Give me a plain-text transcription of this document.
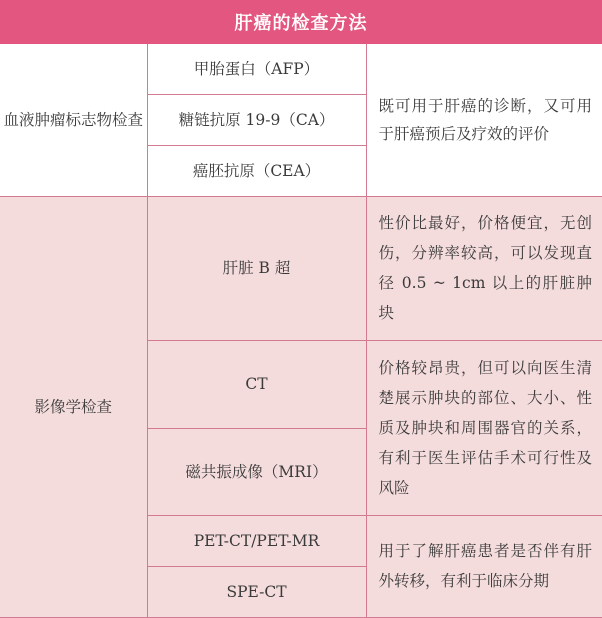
肝癌的检查方法
血液肿瘤标志物检查	甲胎蛋白（AFP）	既可用于肝癌的诊断，又可用于肝癌预后及疗效的评价
	糖链抗原 19-9（CA）	
	癌胚抗原（CEA）	
影像学检查	肝脏 B 超	性价比最好，价格便宜，无创伤，分辨率较高，可以发现直径 0.5 ~ 1cm 以上的肝脏肿块
	CT	价格较昂贵，但可以向医生清楚展示肿块的部位、大小、性质及肿块和周围器官的关系，有利于医生评估手术可行性及风险
	磁共振成像（MRI）	
	PET-CT/PET-MR	用于了解肝癌患者是否伴有肝外转移，有利于临床分期
	SPE-CT	
